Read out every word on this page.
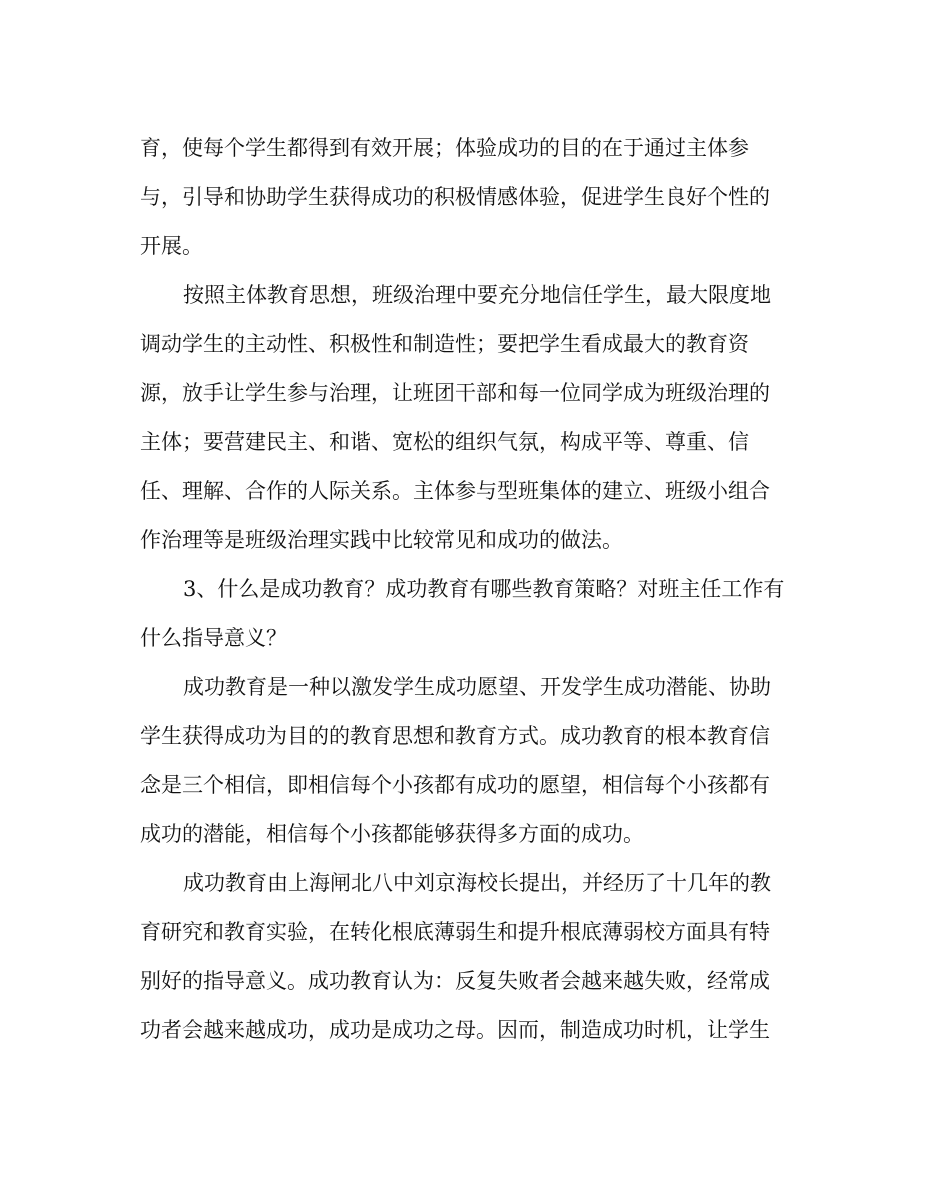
育，使每个学生都得到有效开展；体验成功的目的在于通过主体参

与，引导和协助学生获得成功的积极情感体验，促进学生良好个性的

开展。

按照主体教育思想，班级治理中要充分地信任学生，最大限度地

调动学生的主动性、积极性和制造性；要把学生看成最大的教育资

源，放手让学生参与治理，让班团干部和每一位同学成为班级治理的

主体；要营建民主、和谐、宽松的组织气氛，构成平等、尊重、信

任、理解、合作的人际关系。主体参与型班集体的建立、班级小组合

作治理等是班级治理实践中比较常见和成功的做法。

3、什么是成功教育？成功教育有哪些教育策略？对班主任工作有

什么指导意义？

成功教育是一种以激发学生成功愿望、开发学生成功潜能、协助

学生获得成功为目的的教育思想和教育方式。成功教育的根本教育信

念是三个相信，即相信每个小孩都有成功的愿望，相信每个小孩都有

成功的潜能，相信每个小孩都能够获得多方面的成功。

成功教育由上海闸北八中刘京海校长提出，并经历了十几年的教

育研究和教育实验，在转化根底薄弱生和提升根底薄弱校方面具有特

别好的指导意义。成功教育认为：反复失败者会越来越失败，经常成

功者会越来越成功，成功是成功之母。因而，制造成功时机，让学生
